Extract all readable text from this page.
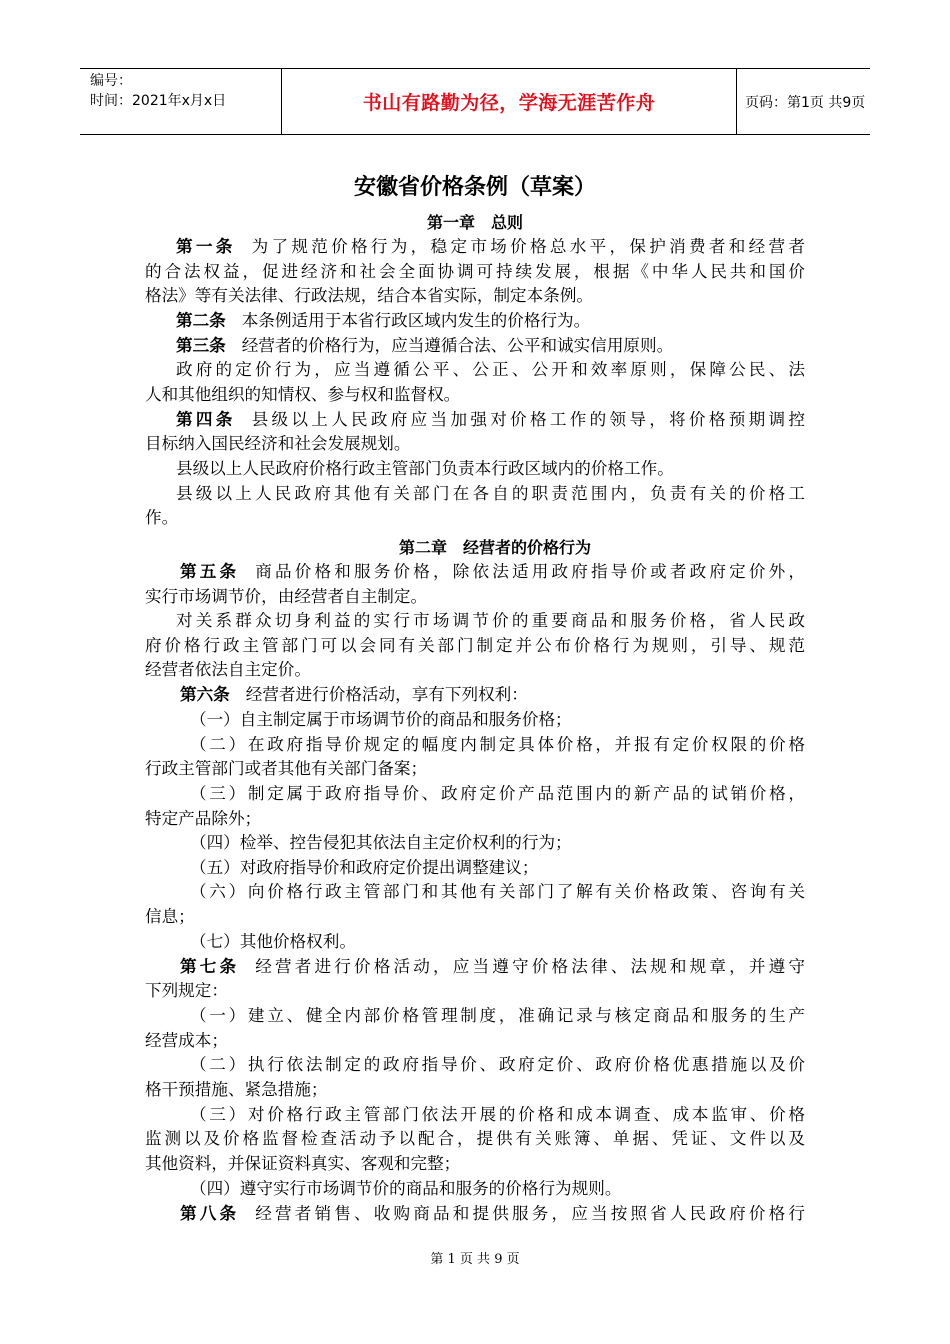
编号：
时间：2021年x月x日	书山有路勤为径，学海无涯苦作舟	页码：第1页 共9页
安徽省价格条例（草案）
第一章　总则
第一条 为了规范价格行为，稳定市场价格总水平，保护消费者和经营者
的合法权益，促进经济和社会全面协调可持续发展，根据《中华人民共和国价
格法》等有关法律、行政法规，结合本省实际，制定本条例。
第二条 本条例适用于本省行政区域内发生的价格行为。
第三条 经营者的价格行为，应当遵循合法、公平和诚实信用原则。
政府的定价行为，应当遵循公平、公正、公开和效率原则，保障公民、法
人和其他组织的知情权、参与权和监督权。
第四条 县级以上人民政府应当加强对价格工作的领导，将价格预期调控
目标纳入国民经济和社会发展规划。
县级以上人民政府价格行政主管部门负责本行政区域内的价格工作。
县级以上人民政府其他有关部门在各自的职责范围内，负责有关的价格工
作。
第二章　经营者的价格行为
第五条 商品价格和服务价格，除依法适用政府指导价或者政府定价外，
实行市场调节价，由经营者自主制定。
对关系群众切身利益的实行市场调节价的重要商品和服务价格，省人民政
府价格行政主管部门可以会同有关部门制定并公布价格行为规则，引导、规范
经营者依法自主定价。
第六条 经营者进行价格活动，享有下列权利：
（一）自主制定属于市场调节价的商品和服务价格；
（二）在政府指导价规定的幅度内制定具体价格，并报有定价权限的价格
行政主管部门或者其他有关部门备案；
（三）制定属于政府指导价、政府定价产品范围内的新产品的试销价格，
特定产品除外；
（四）检举、控告侵犯其依法自主定价权利的行为；
（五）对政府指导价和政府定价提出调整建议；
（六）向价格行政主管部门和其他有关部门了解有关价格政策、咨询有关
信息；
（七）其他价格权利。
第七条 经营者进行价格活动，应当遵守价格法律、法规和规章，并遵守
下列规定：
（一）建立、健全内部价格管理制度，准确记录与核定商品和服务的生产
经营成本；
（二）执行依法制定的政府指导价、政府定价、政府价格优惠措施以及价
格干预措施、紧急措施；
（三）对价格行政主管部门依法开展的价格和成本调查、成本监审、价格
监测以及价格监督检查活动予以配合，提供有关账簿、单据、凭证、文件以及
其他资料，并保证资料真实、客观和完整；
（四）遵守实行市场调节价的商品和服务的价格行为规则。
第八条 经营者销售、收购商品和提供服务，应当按照省人民政府价格行
第 1 页 共 9 页
